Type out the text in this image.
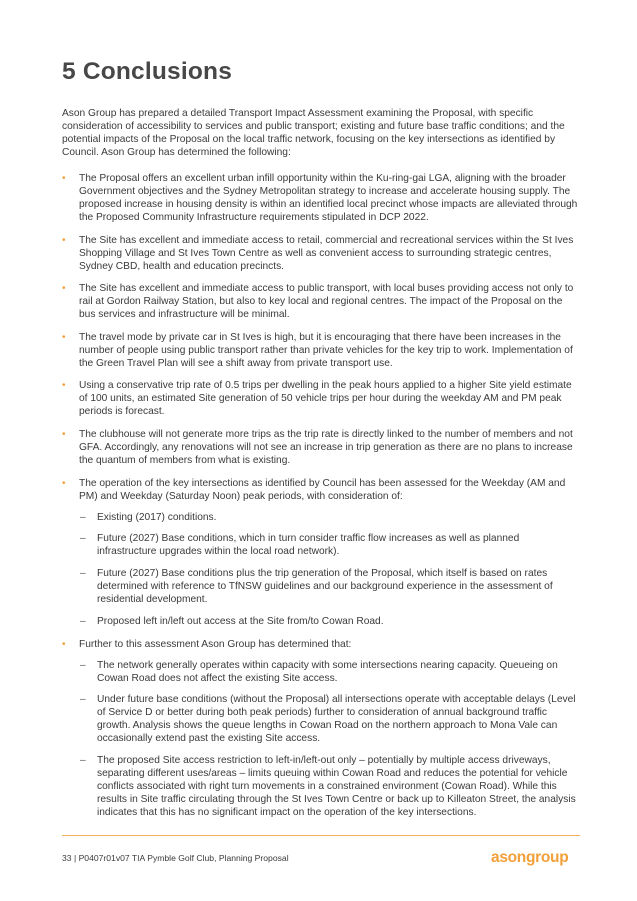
5 Conclusions

Ason Group has prepared a detailed Transport Impact Assessment examining the Proposal, with specific consideration of accessibility to services and public transport; existing and future base traffic conditions; and the potential impacts of the Proposal on the local traffic network, focusing on the key intersections as identified by Council. Ason Group has determined the following:

• The Proposal offers an excellent urban infill opportunity within the Ku-ring-gai LGA, aligning with the broader Government objectives and the Sydney Metropolitan strategy to increase and accelerate housing supply. The proposed increase in housing density is within an identified local precinct whose impacts are alleviated through the Proposed Community Infrastructure requirements stipulated in DCP 2022.
• The Site has excellent and immediate access to retail, commercial and recreational services within the St Ives Shopping Village and St Ives Town Centre as well as convenient access to surrounding strategic centres, Sydney CBD, health and education precincts.
• The Site has excellent and immediate access to public transport, with local buses providing access not only to rail at Gordon Railway Station, but also to key local and regional centres. The impact of the Proposal on the bus services and infrastructure will be minimal.
• The travel mode by private car in St Ives is high, but it is encouraging that there have been increases in the number of people using public transport rather than private vehicles for the key trip to work. Implementation of the Green Travel Plan will see a shift away from private transport use.
• Using a conservative trip rate of 0.5 trips per dwelling in the peak hours applied to a higher Site yield estimate of 100 units, an estimated Site generation of 50 vehicle trips per hour during the weekday AM and PM peak periods is forecast.
• The clubhouse will not generate more trips as the trip rate is directly linked to the number of members and not GFA. Accordingly, any renovations will not see an increase in trip generation as there are no plans to increase the quantum of members from what is existing.
• The operation of the key intersections as identified by Council has been assessed for the Weekday (AM and PM) and Weekday (Saturday Noon) peak periods, with consideration of:
– Existing (2017) conditions.
– Future (2027) Base conditions, which in turn consider traffic flow increases as well as planned infrastructure upgrades within the local road network).
– Future (2027) Base conditions plus the trip generation of the Proposal, which itself is based on rates determined with reference to TfNSW guidelines and our background experience in the assessment of residential development.
– Proposed left in/left out access at the Site from/to Cowan Road.
• Further to this assessment Ason Group has determined that:
– The network generally operates within capacity with some intersections nearing capacity. Queueing on Cowan Road does not affect the existing Site access.
– Under future base conditions (without the Proposal) all intersections operate with acceptable delays (Level of Service D or better during both peak periods) further to consideration of annual background traffic growth. Analysis shows the queue lengths in Cowan Road on the northern approach to Mona Vale can occasionally extend past the existing Site access.
– The proposed Site access restriction to left-in/left-out only – potentially by multiple access driveways, separating different uses/areas – limits queuing within Cowan Road and reduces the potential for vehicle conflicts associated with right turn movements in a constrained environment (Cowan Road). While this results in Site traffic circulating through the St Ives Town Centre or back up to Killeaton Street, the analysis indicates that this has no significant impact on the operation of the key intersections.
33 | P0407r01v07 TIA Pymble Golf Club, Planning Proposal	asongroup
